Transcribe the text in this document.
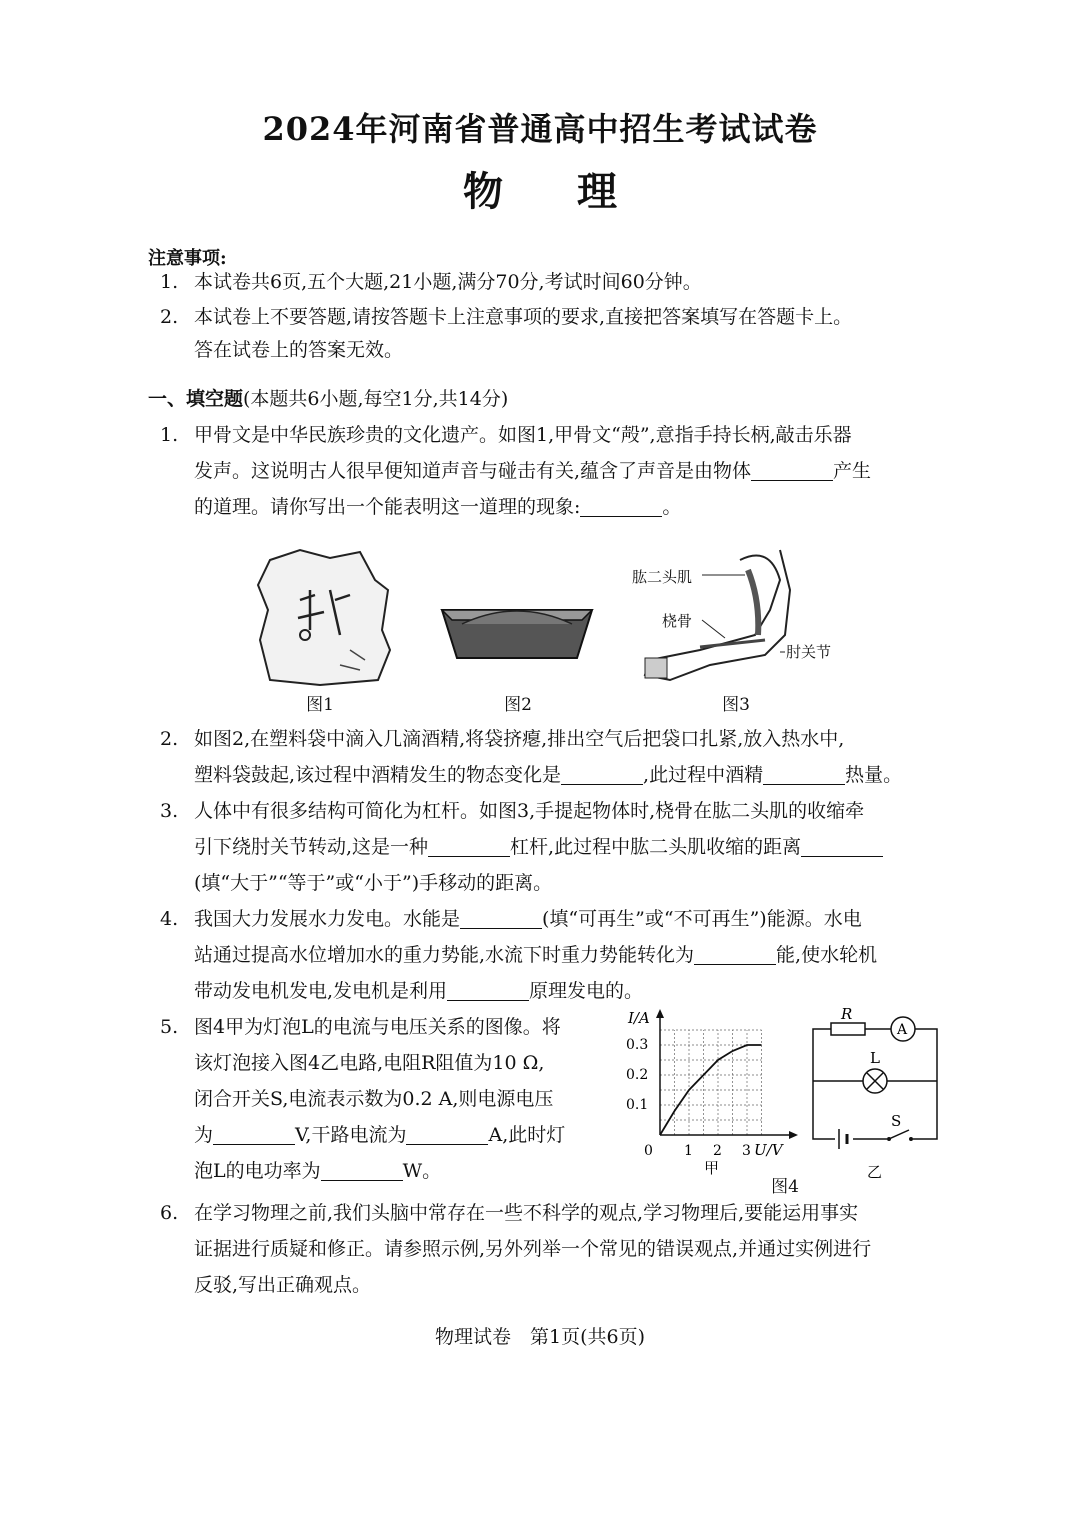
2024年河南省普通高中招生考试试卷
物 理
注意事项:
1. 本试卷共6页,五个大题,21小题,满分70分,考试时间60分钟。
2. 本试卷上不要答题,请按答题卡上注意事项的要求,直接把答案填写在答题卡上。
答在试卷上的答案无效。
一、填空题(本题共6小题,每空1分,共14分)
1. 甲骨文是中华民族珍贵的文化遗产。如图1,甲骨文“殸”,意指手持长柄,敲击乐器
发声。这说明古人很早便知道声音与碰击有关,蕴含了声音是由物体	产生
的道理。请你写出一个能表明这一道理的现象:	。
图1	图2
肱二头肌
桡骨
肘关节
图3
2. 如图2,在塑料袋中滴入几滴酒精,将袋挤瘪,排出空气后把袋口扎紧,放入热水中,
塑料袋鼓起,该过程中酒精发生的物态变化是	,此过程中酒精	热量。
3. 人体中有很多结构可简化为杠杆。如图3,手提起物体时,桡骨在肱二头肌的收缩牵
引下绕肘关节转动,这是一种	杠杆,此过程中肱二头肌收缩的距离
(填“大于”“等于”或“小于”)手移动的距离。
4. 我国大力发展水力发电。水能是	(填“可再生”或“不可再生”)能源。水电
站通过提高水位增加水的重力势能,水流下时重力势能转化为	能,使水轮机
带动发电机发电,发电机是利用	原理发电的。
5. 图4甲为灯泡L的电流与电压关系的图像。将
该灯泡接入图4乙电路,电阻R阻值为10 Ω,
闭合开关S,电流表示数为0.2 A,则电源电压
为	V,干路电流为	A,此时灯
泡L的电功率为	W。
I/A
0.3
0.2
0.1
0 1 2 3 U/V
甲
R
A
L
S
乙
图4
6. 在学习物理之前,我们头脑中常存在一些不科学的观点,学习物理后,要能运用事实
证据进行质疑和修正。请参照示例,另外列举一个常见的错误观点,并通过实例进行
反驳,写出正确观点。
物理试卷　第1页(共6页)
